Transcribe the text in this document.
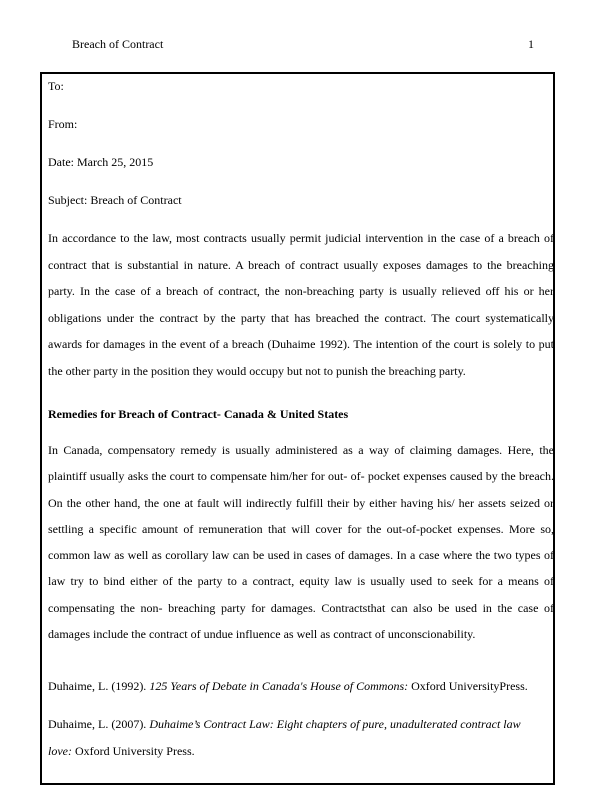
Breach of Contract	1
To:
From:
Date: March 25, 2015
Subject: Breach of Contract
In accordance to the law, most contracts usually permit judicial intervention in the case of a breach of contract that is substantial in nature. A breach of contract usually exposes damages to the breaching party. In the case of a breach of contract, the non-breaching party is usually relieved off his or her obligations under the contract by the party that has breached the contract. The court systematically awards for damages in the event of a breach (Duhaime 1992). The intention of the court is solely to put the other party in the position they would occupy but not to punish the breaching party.
Remedies for Breach of Contract- Canada & United States
In Canada, compensatory remedy is usually administered as a way of claiming damages. Here, the plaintiff usually asks the court to compensate him/her for out- of- pocket expenses caused by the breach. On the other hand, the one at fault will indirectly fulfill their by either having his/ her assets seized or settling a specific amount of remuneration that will cover for the out-of-pocket expenses. More so, common law as well as corollary law can be used in cases of damages. In a case where the two types of law try to bind either of the party to a contract, equity law is usually used to seek for a means of compensating the non- breaching party for damages. Contractsthat can also be used in the case of damages include the contract of undue influence as well as contract of unconscionability.
Duhaime, L. (1992). 125 Years of Debate in Canada's House of Commons: Oxford UniversityPress.
Duhaime, L. (2007). Duhaime’s Contract Law: Eight chapters of pure, unadulterated contract law love: Oxford University Press.
